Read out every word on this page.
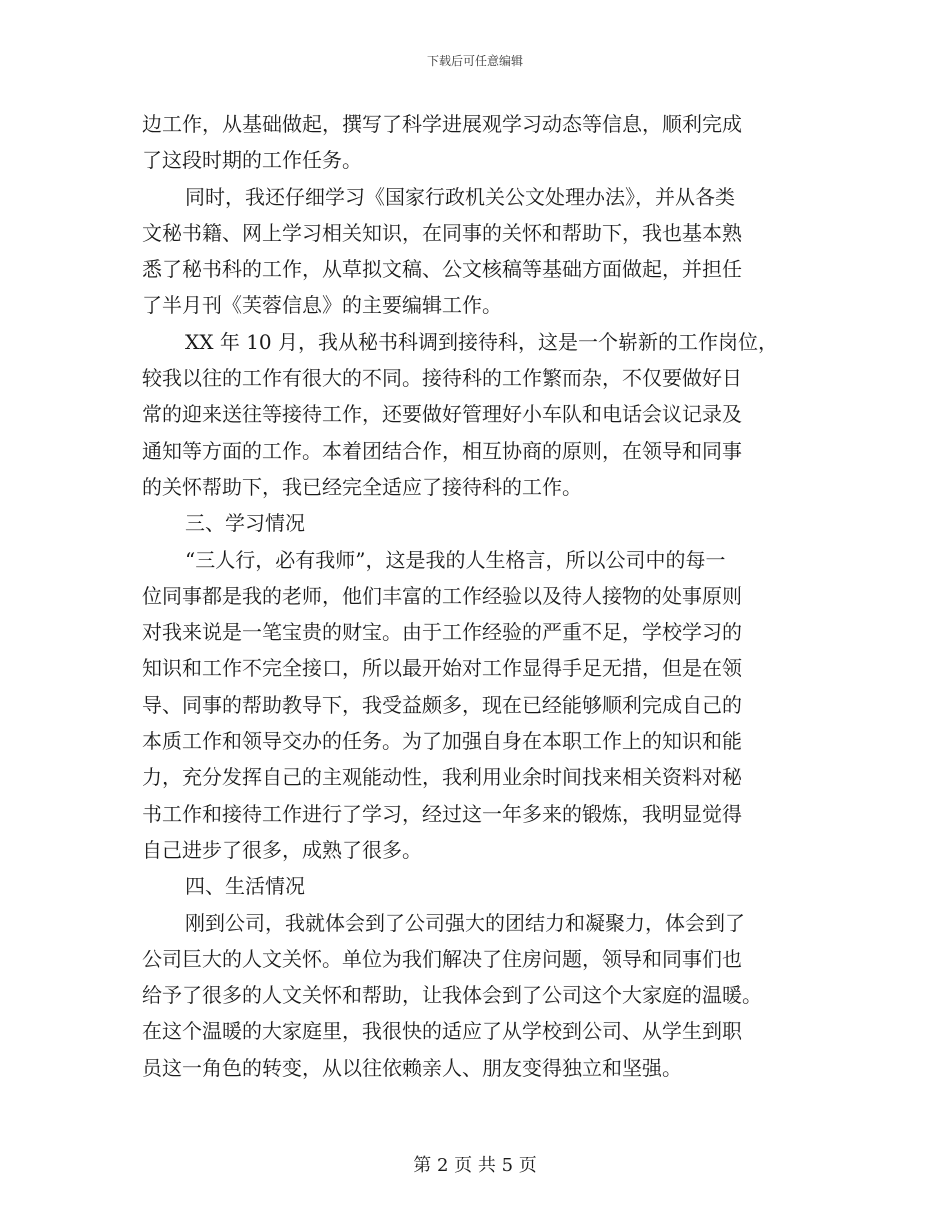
下载后可任意编辑
边工作，从基础做起，撰写了科学进展观学习动态等信息，顺利完成
了这段时期的工作任务。
同时，我还仔细学习《国家行政机关公文处理办法》，并从各类
文秘书籍、网上学习相关知识，在同事的关怀和帮助下，我也基本熟
悉了秘书科的工作，从草拟文稿、公文核稿等基础方面做起，并担任
了半月刊《芙蓉信息》的主要编辑工作。
XX 年 10 月，我从秘书科调到接待科，这是一个崭新的工作岗位，
较我以往的工作有很大的不同。接待科的工作繁而杂，不仅要做好日
常的迎来送往等接待工作，还要做好管理好小车队和电话会议记录及
通知等方面的工作。本着团结合作，相互协商的原则，在领导和同事
的关怀帮助下，我已经完全适应了接待科的工作。
三、学习情况
“三人行，必有我师”，这是我的人生格言，所以公司中的每一
位同事都是我的老师，他们丰富的工作经验以及待人接物的处事原则
对我来说是一笔宝贵的财宝。由于工作经验的严重不足，学校学习的
知识和工作不完全接口，所以最开始对工作显得手足无措，但是在领
导、同事的帮助教导下，我受益颇多，现在已经能够顺利完成自己的
本质工作和领导交办的任务。为了加强自身在本职工作上的知识和能
力，充分发挥自己的主观能动性，我利用业余时间找来相关资料对秘
书工作和接待工作进行了学习，经过这一年多来的锻炼，我明显觉得
自己进步了很多，成熟了很多。
四、生活情况
刚到公司，我就体会到了公司强大的团结力和凝聚力，体会到了
公司巨大的人文关怀。单位为我们解决了住房问题，领导和同事们也
给予了很多的人文关怀和帮助，让我体会到了公司这个大家庭的温暖。
在这个温暖的大家庭里，我很快的适应了从学校到公司、从学生到职
员这一角色的转变，从以往依赖亲人、朋友变得独立和坚强。
第 2 页 共 5 页
